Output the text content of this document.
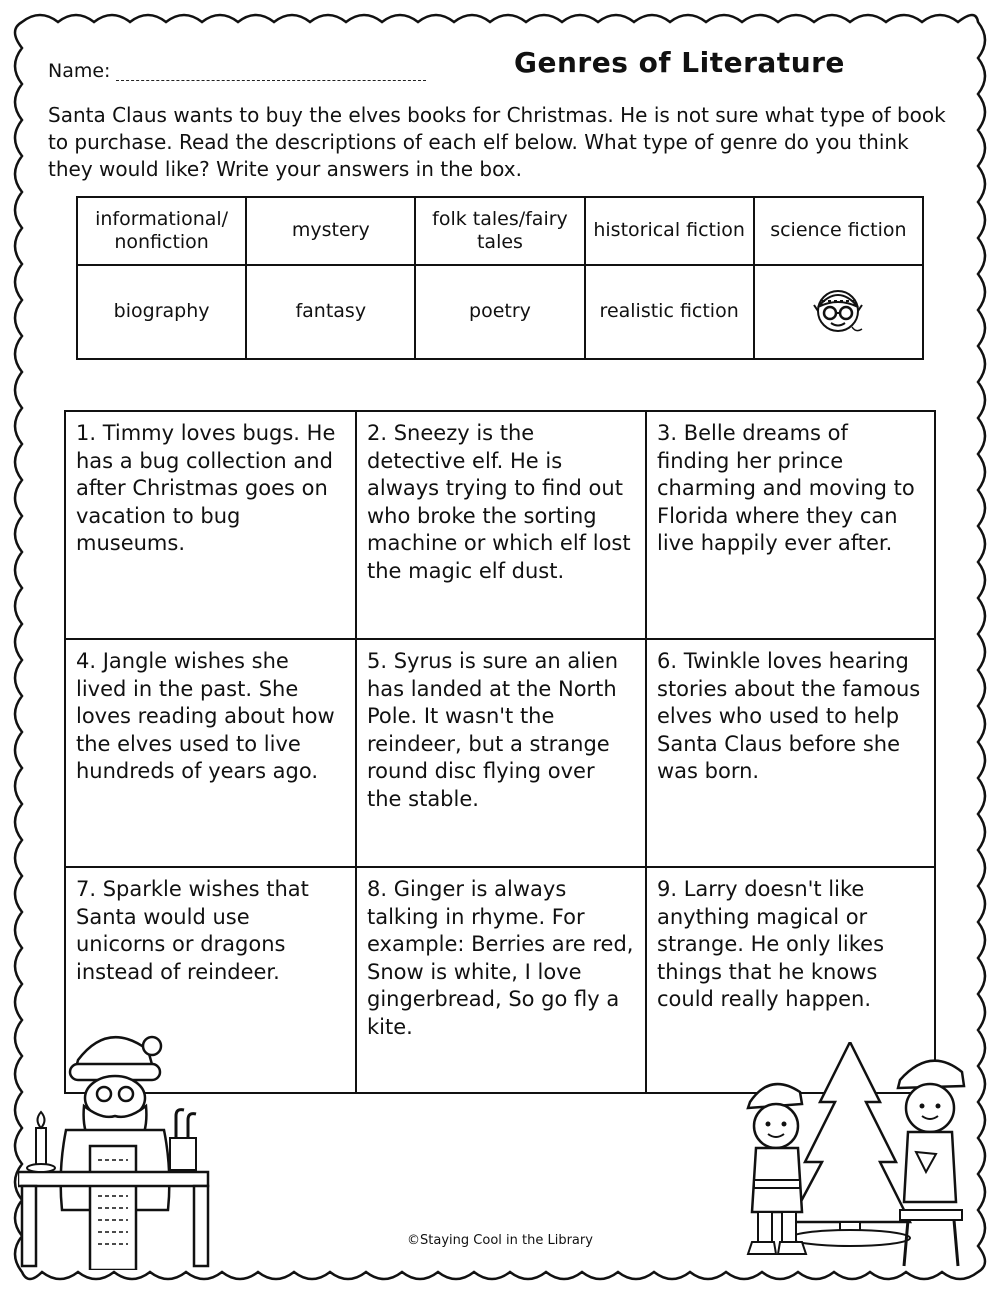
Name:	Genres of Literature
Santa Claus wants to buy the elves books for Christmas. He is not sure what type of book to purchase. Read the descriptions of each elf below. What type of genre do you think they would like? Write your answers in the box.
informational/ nonfiction	mystery	folk tales/fairy tales	historical fiction	science fiction
biography	fantasy	poetry	realistic fiction	
1. Timmy loves bugs. He has a bug collection and after Christmas goes on vacation to bug museums.
2. Sneezy is the detective elf. He is always trying to find out who broke the sorting machine or which elf lost the magic elf dust.
3. Belle dreams of finding her prince charming and moving to Florida where they can live happily ever after.
4. Jangle wishes she lived in the past. She loves reading about how the elves used to live hundreds of years ago.
5. Syrus is sure an alien has landed at the North Pole. It wasn't the reindeer, but a strange round disc flying over the stable.
6. Twinkle loves hearing stories about the famous elves who used to help Santa Claus before she was born.
7. Sparkle wishes that Santa would use unicorns or dragons instead of reindeer.
8. Ginger is always talking in rhyme. For example: Berries are red, Snow is white, I love gingerbread, So go fly a kite.
9. Larry doesn't like anything magical or strange. He only likes things that he knows could really happen.
©Staying Cool in the Library
